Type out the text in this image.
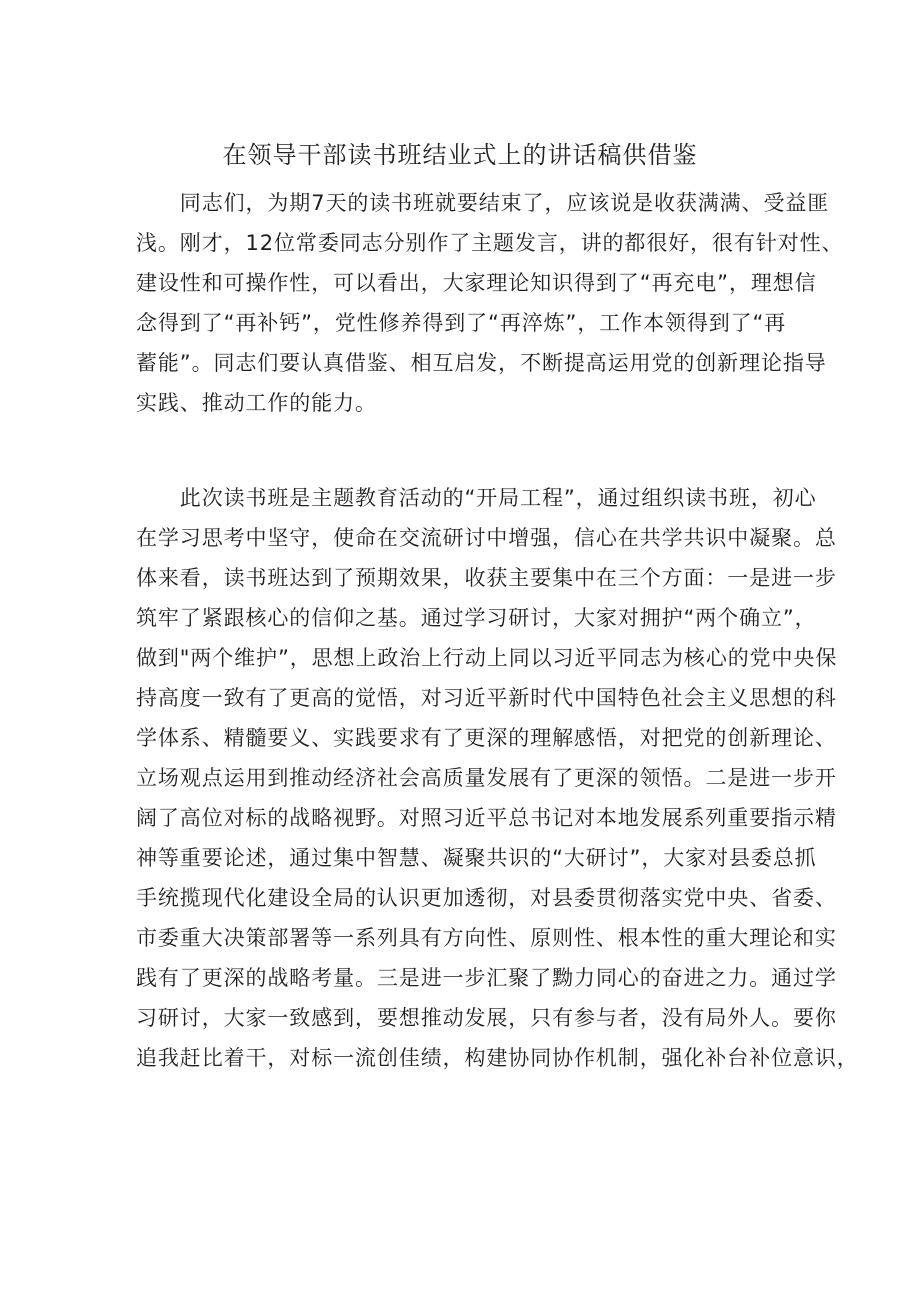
在领导干部读书班结业式上的讲话稿供借鉴
　　同志们，为期7天的读书班就要结束了，应该说是收获满满、受益匪
浅。刚才，12位常委同志分别作了主题发言，讲的都很好，很有针对性、
建设性和可操作性，可以看出，大家理论知识得到了“再充电”，理想信
念得到了“再补钙”，党性修养得到了“再淬炼”，工作本领得到了“再
蓄能”。同志们要认真借鉴、相互启发，不断提高运用党的创新理论指导
实践、推动工作的能力。
　　此次读书班是主题教育活动的“开局工程”，通过组织读书班，初心
在学习思考中坚守，使命在交流研讨中增强，信心在共学共识中凝聚。总
体来看，读书班达到了预期效果，收获主要集中在三个方面：一是进一步
筑牢了紧跟核心的信仰之基。通过学习研讨，大家对拥护“两个确立”，
做到"两个维护”，思想上政治上行动上同以习近平同志为核心的党中央保
持高度一致有了更高的觉悟，对习近平新时代中国特色社会主义思想的科
学体系、精髓要义、实践要求有了更深的理解感悟，对把党的创新理论、
立场观点运用到推动经济社会高质量发展有了更深的领悟。二是进一步开
阔了高位对标的战略视野。对照习近平总书记对本地发展系列重要指示精
神等重要论述，通过集中智慧、凝聚共识的“大研讨”，大家对县委总抓
手统揽现代化建设全局的认识更加透彻，对县委贯彻落实党中央、省委、
市委重大决策部署等一系列具有方向性、原则性、根本性的重大理论和实
践有了更深的战略考量。三是进一步汇聚了黝力同心的奋进之力。通过学
习研讨，大家一致感到，要想推动发展，只有参与者，没有局外人。要你
追我赶比着干，对标一流创佳绩，构建协同协作机制，强化补台补位意识，
